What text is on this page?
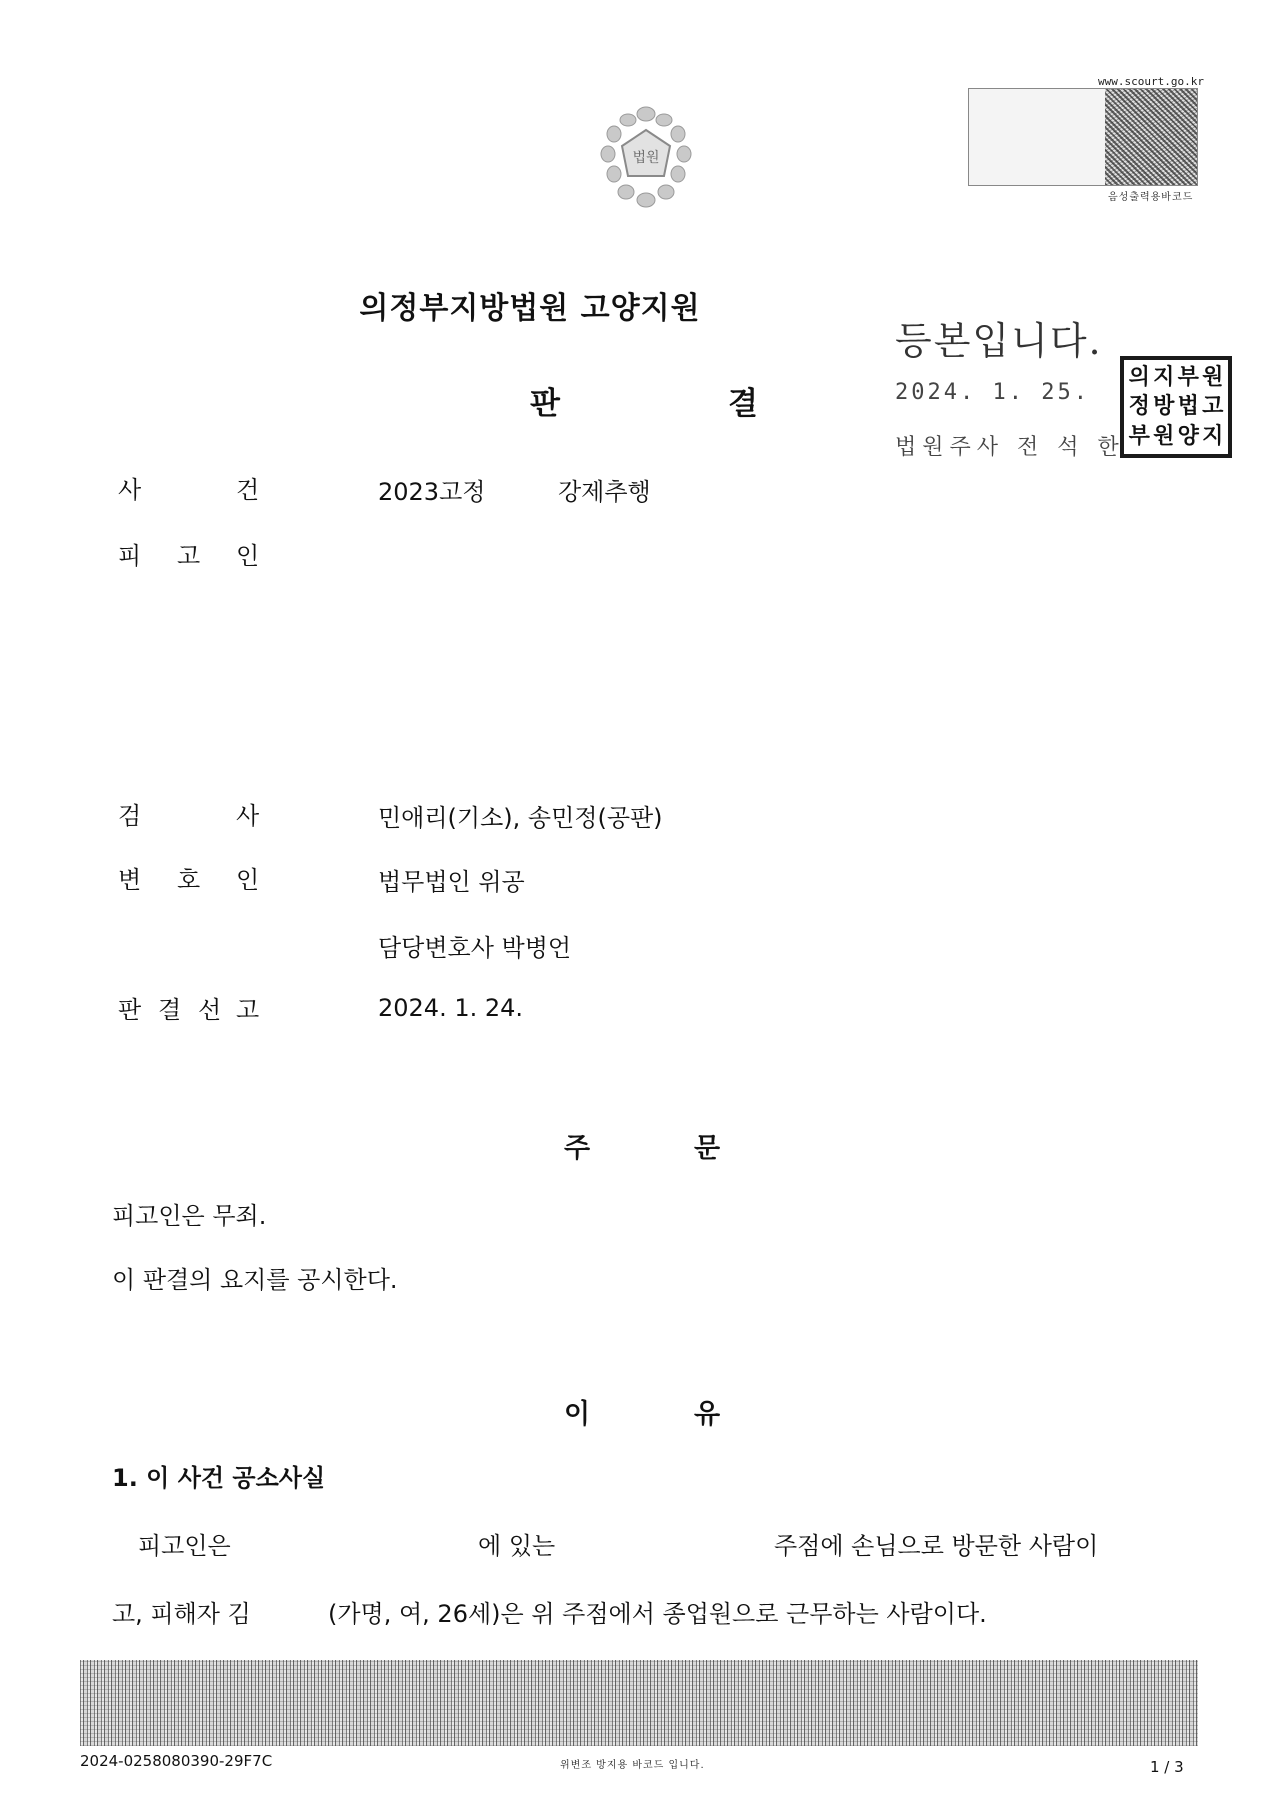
www.scourt.go.kr
음성출력용바코드
법원
의정부지방법원 고양지원
판	결
등본입니다.
2024. 1. 25.
법원주사 전 석 한
의 지 부 원
정 방 법 고
부 원 양 지
사	건	2023고정	강제추행
피 고 인
검	사	민애리(기소), 송민정(공판)
변 호 인	법무법인 위공
담당변호사 박병언
판 결 선 고	2024. 1. 24.
주	문
피고인은 무죄.
이 판결의 요지를 공시한다.
이	유
1. 이 사건 공소사실
피고인은	에 있는	주점에 손님으로 방문한 사람이
고, 피해자 김	(가명, 여, 26세)은 위 주점에서 종업원으로 근무하는 사람이다.
2024-0258080390-29F7C	위변조 방지용 바코드 입니다.	1 / 3
